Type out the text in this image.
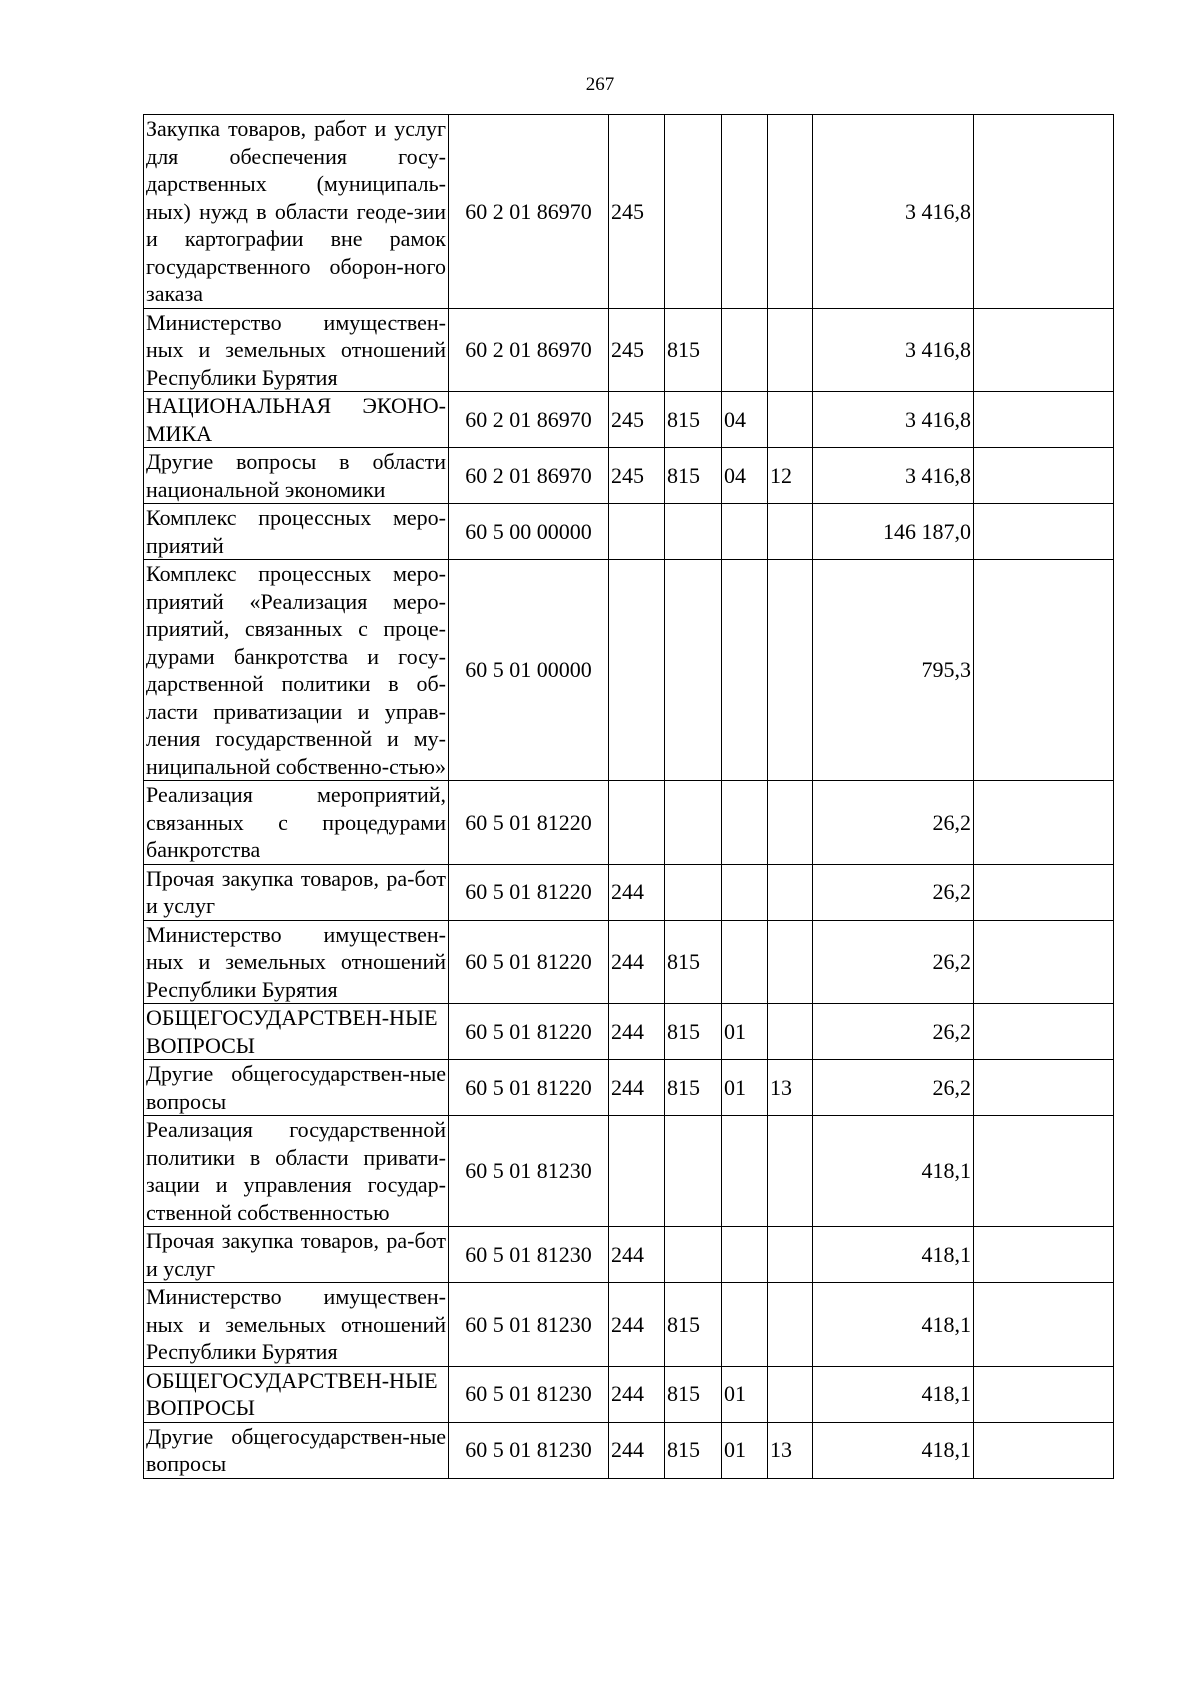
267
Закупка товаров, работ и услуг для обеспечения госу-дарственных (муниципаль-ных) нужд в области геоде-зии и картографии вне рамок государственного оборон-ного заказа	60 2 01 86970	245				3 416,8	
Министерство имуществен-ных и земельных отношений Республики Бурятия	60 2 01 86970	245	815			3 416,8	
НАЦИОНАЛЬНАЯ ЭКОНО-МИКА	60 2 01 86970	245	815	04		3 416,8	
Другие вопросы в области национальной экономики	60 2 01 86970	245	815	04	12	3 416,8	
Комплекс процессных меро-приятий	60 5 00 00000					146 187,0	
Комплекс процессных меро-приятий «Реализация меро-приятий, связанных с проце-дурами банкротства и госу-дарственной политики в об-ласти приватизации и управ-ления государственной и му-ниципальной собственно-стью»	60 5 01 00000					795,3	
Реализация мероприятий, связанных с процедурами банкротства	60 5 01 81220					26,2	
Прочая закупка товаров, ра-бот и услуг	60 5 01 81220	244				26,2	
Министерство имуществен-ных и земельных отношений Республики Бурятия	60 5 01 81220	244	815			26,2	
ОБЩЕГОСУДАРСТВЕН-НЫЕ ВОПРОСЫ	60 5 01 81220	244	815	01		26,2	
Другие общегосударствен-ные вопросы	60 5 01 81220	244	815	01	13	26,2	
Реализация государственной политики в области привати-зации и управления государ-ственной собственностью	60 5 01 81230					418,1	
Прочая закупка товаров, ра-бот и услуг	60 5 01 81230	244				418,1	
Министерство имуществен-ных и земельных отношений Республики Бурятия	60 5 01 81230	244	815			418,1	
ОБЩЕГОСУДАРСТВЕН-НЫЕ ВОПРОСЫ	60 5 01 81230	244	815	01		418,1	
Другие общегосударствен-ные вопросы	60 5 01 81230	244	815	01	13	418,1	
